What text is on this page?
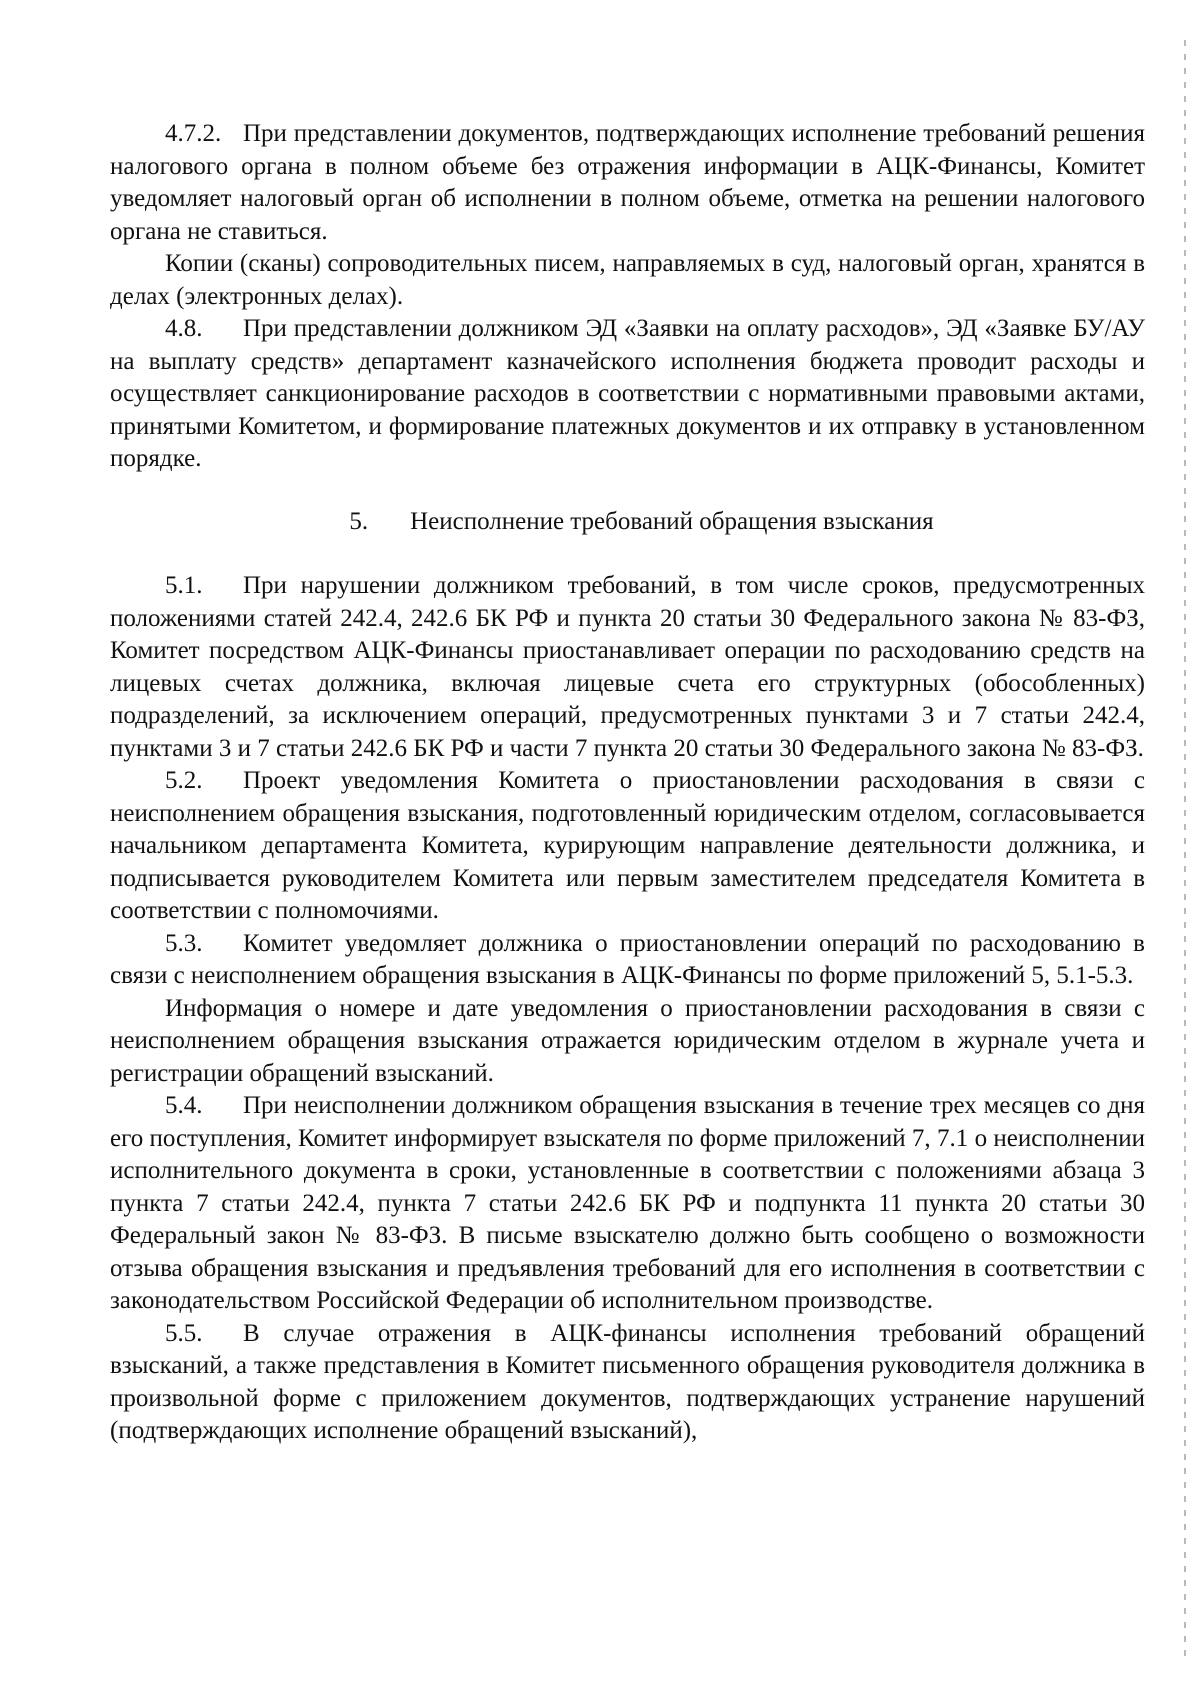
4.7.2. При представлении документов, подтверждающих исполнение требований решения налогового органа в полном объеме без отражения информации в АЦК-Финансы, Комитет уведомляет налоговый орган об исполнении в полном объеме, отметка на решении налогового органа не ставиться.

Копии (сканы) сопроводительных писем, направляемых в суд, налоговый орган, хранятся в делах (электронных делах).

4.8. При представлении должником ЭД «Заявки на оплату расходов», ЭД «Заявке БУ/АУ на выплату средств» департамент казначейского исполнения бюджета проводит расходы и осуществляет санкционирование расходов в соответствии с нормативными правовыми актами, принятыми Комитетом, и формирование платежных документов и их отправку в установленном порядке.

5. Неисполнение требований обращения взыскания

5.1. При нарушении должником требований, в том числе сроков, предусмотренных положениями статей 242.4, 242.6 БК РФ и пункта 20 статьи 30 Федерального закона № 83-ФЗ, Комитет посредством АЦК-Финансы приостанавливает операции по расходованию средств на лицевых счетах должника, включая лицевые счета его структурных (обособленных) подразделений, за исключением операций, предусмотренных пунктами 3 и 7 статьи 242.4, пунктами 3 и 7 статьи 242.6 БК РФ и части 7 пункта 20 статьи 30 Федерального закона № 83-ФЗ.

5.2. Проект уведомления Комитета о приостановлении расходования в связи с неисполнением обращения взыскания, подготовленный юридическим отделом, согласовывается начальником департамента Комитета, курирующим направление деятельности должника, и подписывается руководителем Комитета или первым заместителем председателя Комитета в соответствии с полномочиями.

5.3. Комитет уведомляет должника о приостановлении операций по расходованию в связи с неисполнением обращения взыскания в АЦК-Финансы по форме приложений 5, 5.1-5.3.

Информация о номере и дате уведомления о приостановлении расходования в связи с неисполнением обращения взыскания отражается юридическим отделом в журнале учета и регистрации обращений взысканий.

5.4. При неисполнении должником обращения взыскания в течение трех месяцев со дня его поступления, Комитет информирует взыскателя по форме приложений 7, 7.1 о неисполнении исполнительного документа в сроки, установленные в соответствии с положениями абзаца 3 пункта 7 статьи 242.4, пункта 7 статьи 242.6 БК РФ и подпункта 11 пункта 20 статьи 30 Федеральный закон № 83-ФЗ. В письме взыскателю должно быть сообщено о возможности отзыва обращения взыскания и предъявления требований для его исполнения в соответствии с законодательством Российской Федерации об исполнительном производстве.

5.5. В случае отражения в АЦК-финансы исполнения требований обращений взысканий, а также представления в Комитет письменного обращения руководителя должника в произвольной форме с приложением документов, подтверждающих устранение нарушений (подтверждающих исполнение обращений взысканий),
